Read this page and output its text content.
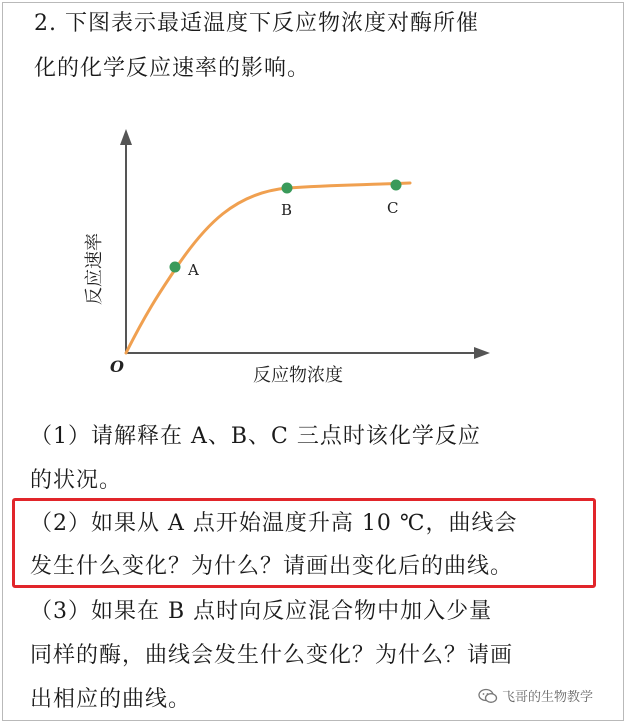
2. 下图表示最适温度下反应物浓度对酶所催
化的化学反应速率的影响。
A
B	C
O	反应物浓度
反应速率
（1）请解释在 A、B、C 三点时该化学反应
的状况。
（2）如果从 A 点开始温度升高 10 ℃，曲线会
发生什么变化？为什么？请画出变化后的曲线。
（3）如果在 B 点时向反应混合物中加入少量
同样的酶，曲线会发生什么变化？为什么？请画
出相应的曲线。	飞哥的生物教学
